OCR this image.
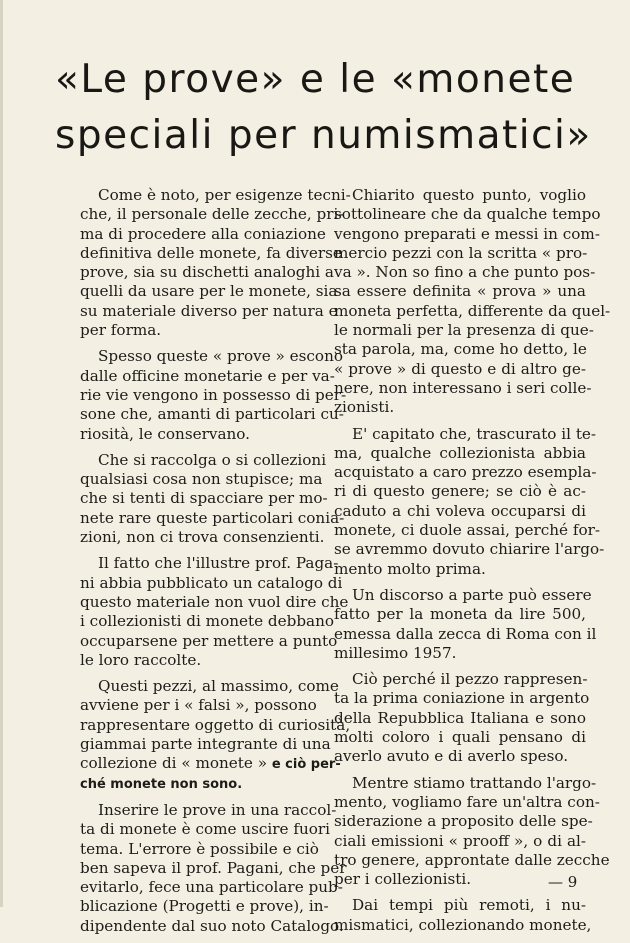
«Le prove» e le «monete
speciali per numismatici»

Come è noto, per esigenze tecni-
che, il personale delle zecche, pri-
ma di procedere alla coniazione
definitiva delle monete, fa diverse
prove, sia su dischetti analoghi a
quelli da usare per le monete, sia
su materiale diverso per natura e
per forma.

Spesso queste « prove » escono
dalle officine monetarie e per va-
rie vie vengono in possesso di per-
sone che, amanti di particolari cu-
riosità, le conservano.

Che si raccolga o si collezioni
qualsiasi cosa non stupisce; ma
che si tenti di spacciare per mo-
nete rare queste particolari conia-
zioni, non ci trova consenzienti.

Il fatto che l'illustre prof. Paga-
ni abbia pubblicato un catalogo di
questo materiale non vuol dire che
i collezionisti di monete debbano
occuparsene per mettere a punto
le loro raccolte.

Questi pezzi, al massimo, come
avviene per i « falsi », possono
rappresentare oggetto di curiosità,
giammai parte integrante di una
collezione di « monete » e ciò per-
ché monete non sono.

Inserire le prove in una raccol-
ta di monete è come uscire fuori
tema. L'errore è possibile e ciò
ben sapeva il prof. Pagani, che per
evitarlo, fece una particolare pub-
blicazione (Progetti e prove), in-
dipendente dal suo noto Catalogo.

Chiarito questo punto, voglio
sottolineare che da qualche tempo
vengono preparati e messi in com-
mercio pezzi con la scritta « pro-
va ». Non so fino a che punto pos-
sa essere definita « prova » una
moneta perfetta, differente da quel-
le normali per la presenza di que-
sta parola, ma, come ho detto, le
« prove » di questo e di altro ge-
nere, non interessano i seri colle-
zionisti.

E' capitato che, trascurato il te-
ma, qualche collezionista abbia
acquistato a caro prezzo esempla-
ri di questo genere; se ciò è ac-
caduto a chi voleva occuparsi di
monete, ci duole assai, perché for-
se avremmo dovuto chiarire l'argo-
mento molto prima.

Un discorso a parte può essere
fatto per la moneta da lire 500,
emessa dalla zecca di Roma con il
millesimo 1957.

Ciò perché il pezzo rappresen-
ta la prima coniazione in argento
della Repubblica Italiana e sono
molti coloro i quali pensano di
averlo avuto e di averlo speso.

Mentre stiamo trattando l'argo-
mento, vogliamo fare un'altra con-
siderazione a proposito delle spe-
ciali emissioni « prooff », o di al-
tro genere, approntate dalle zecche
per i collezionisti.

Dai tempi più remoti, i nu-
mismatici, collezionando monete,

— 9
